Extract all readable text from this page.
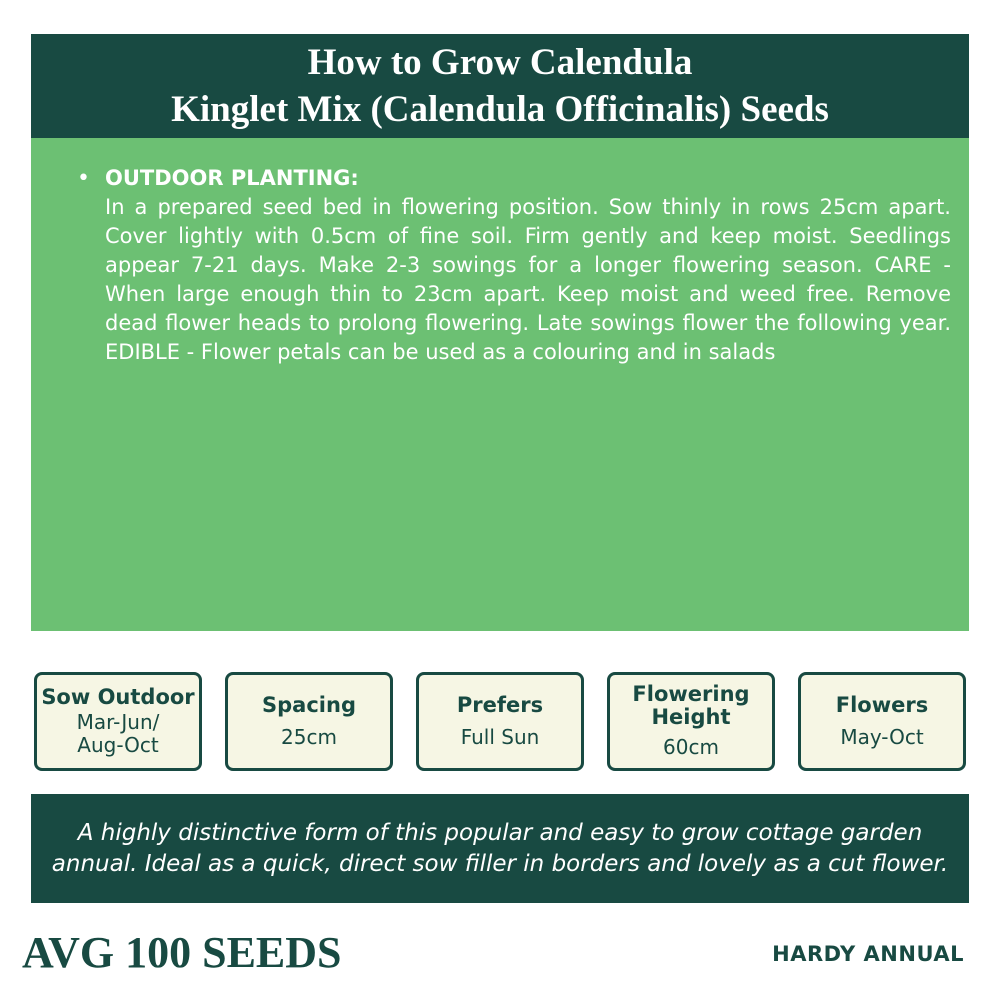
How to Grow Calendula
Kinglet Mix (Calendula Officinalis) Seeds
• OUTDOOR PLANTING:
In a prepared seed bed in flowering position. Sow thinly in rows 25cm apart. Cover lightly with 0.5cm of fine soil. Firm gently and keep moist. Seedlings appear 7-21 days. Make 2-3 sowings for a longer flowering season. CARE - When large enough thin to 23cm apart. Keep moist and weed free. Remove dead flower heads to prolong flowering. Late sowings flower the following year. EDIBLE - Flower petals can be used as a colouring and in salads
Sow Outdoor
Mar-Jun/ Aug-Oct
Spacing
25cm
Prefers
Full Sun
Flowering Height
60cm
Flowers
May-Oct
A highly distinctive form of this popular and easy to grow cottage garden annual. Ideal as a quick, direct sow filler in borders and lovely as a cut flower.
AVG 100 SEEDS	HARDY ANNUAL
